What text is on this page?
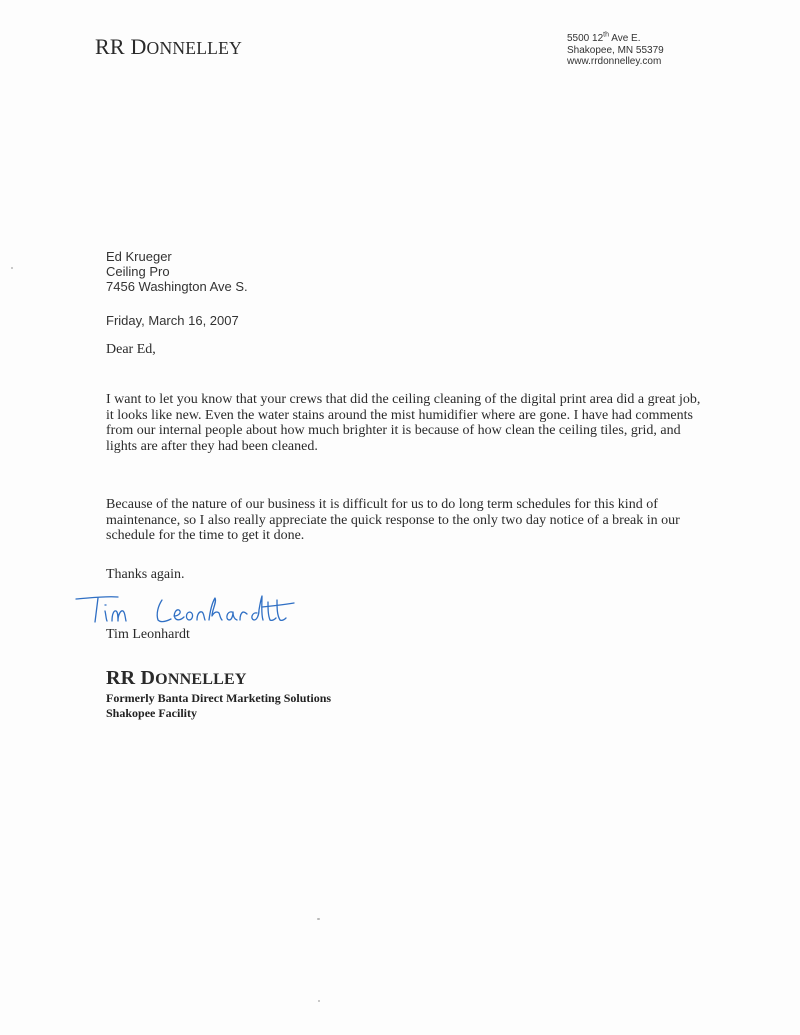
RR DONNELLEY	5500 12th Ave E.
Shakopee, MN 55379
www.rrdonnelley.com
Ed Krueger
Ceiling Pro
7456 Washington Ave S.
Friday, March 16, 2007
Dear Ed,

I want to let you know that your crews that did the ceiling cleaning of the digital print area did a great job, it looks like new. Even the water stains around the mist humidifier where are gone. I have had comments from our internal people about how much brighter it is because of how clean the ceiling tiles, grid, and lights are after they had been cleaned.

Because of the nature of our business it is difficult for us to do long term schedules for this kind of maintenance, so I also really appreciate the quick response to the only two day notice of a break in our schedule for the time to get it done.

Thanks again.
Tim Leonhardt
RR DONNELLEY
Formerly Banta Direct Marketing Solutions
Shakopee Facility
